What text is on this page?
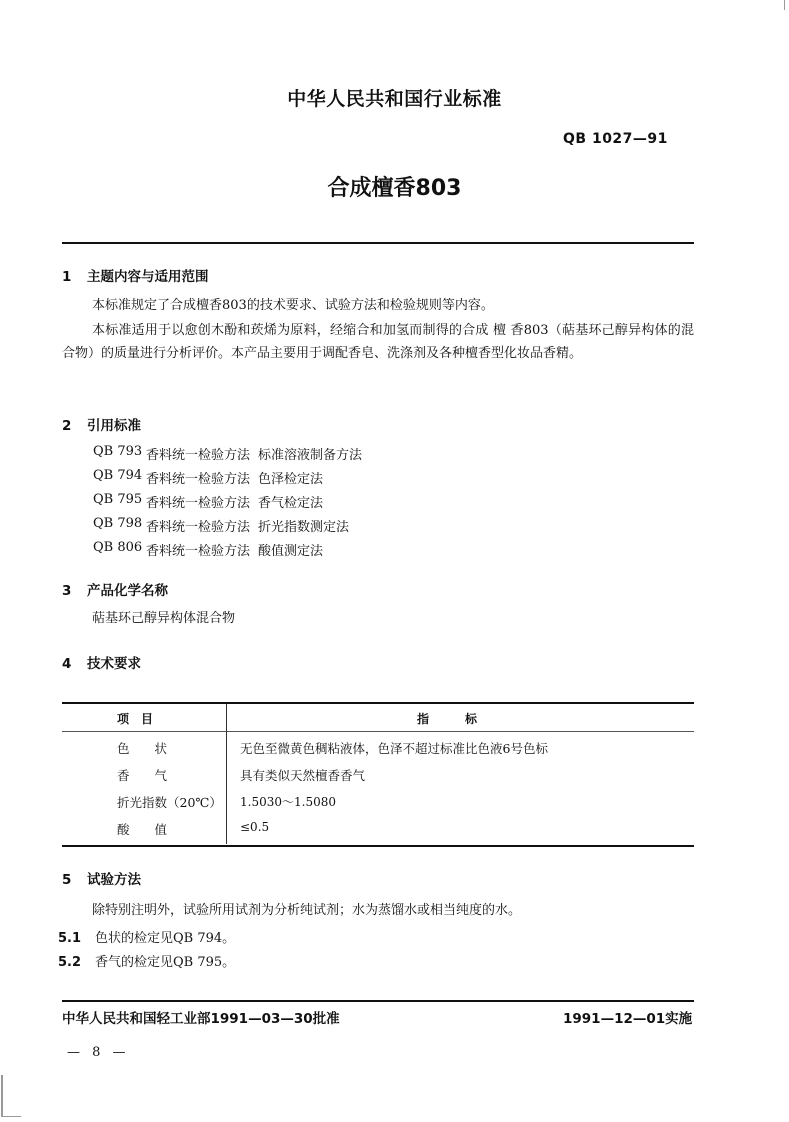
中华人民共和国行业标准
QB 1027—91
合成檀香803
1 主题内容与适用范围
本标准规定了合成檀香803的技术要求、试验方法和检验规则等内容。
本标准适用于以愈创木酚和莰烯为原料，经缩合和加氢而制得的合成 檀 香803（萜基环己醇异构体的混合物）的质量进行分析评价。本产品主要用于调配香皂、洗涤剂及各种檀香型化妆品香精。
2 引用标准
QB 793 香料统一检验方法 标准溶液制备方法
QB 794 香料统一检验方法 色泽检定法
QB 795 香料统一检验方法 香气检定法
QB 798 香料统一检验方法 折光指数测定法
QB 806 香料统一检验方法 酸值测定法
3 产品化学名称
萜基环己醇异构体混合物
4 技术要求
项　目	指　　　标
色　　状	无色至微黄色稠粘液体，色泽不超过标准比色液6号色标
香　　气	具有类似天然檀香香气
折光指数（20℃） 1.5030～1.5080
酸　　值	≤0.5
5 试验方法
除特别注明外，试验所用试剂为分析纯试剂；水为蒸馏水或相当纯度的水。
5.1 色状的检定见QB 794。
5.2 香气的检定见QB 795。
中华人民共和国轻工业部1991—03—30批准	1991—12—01实施
— 8 —
